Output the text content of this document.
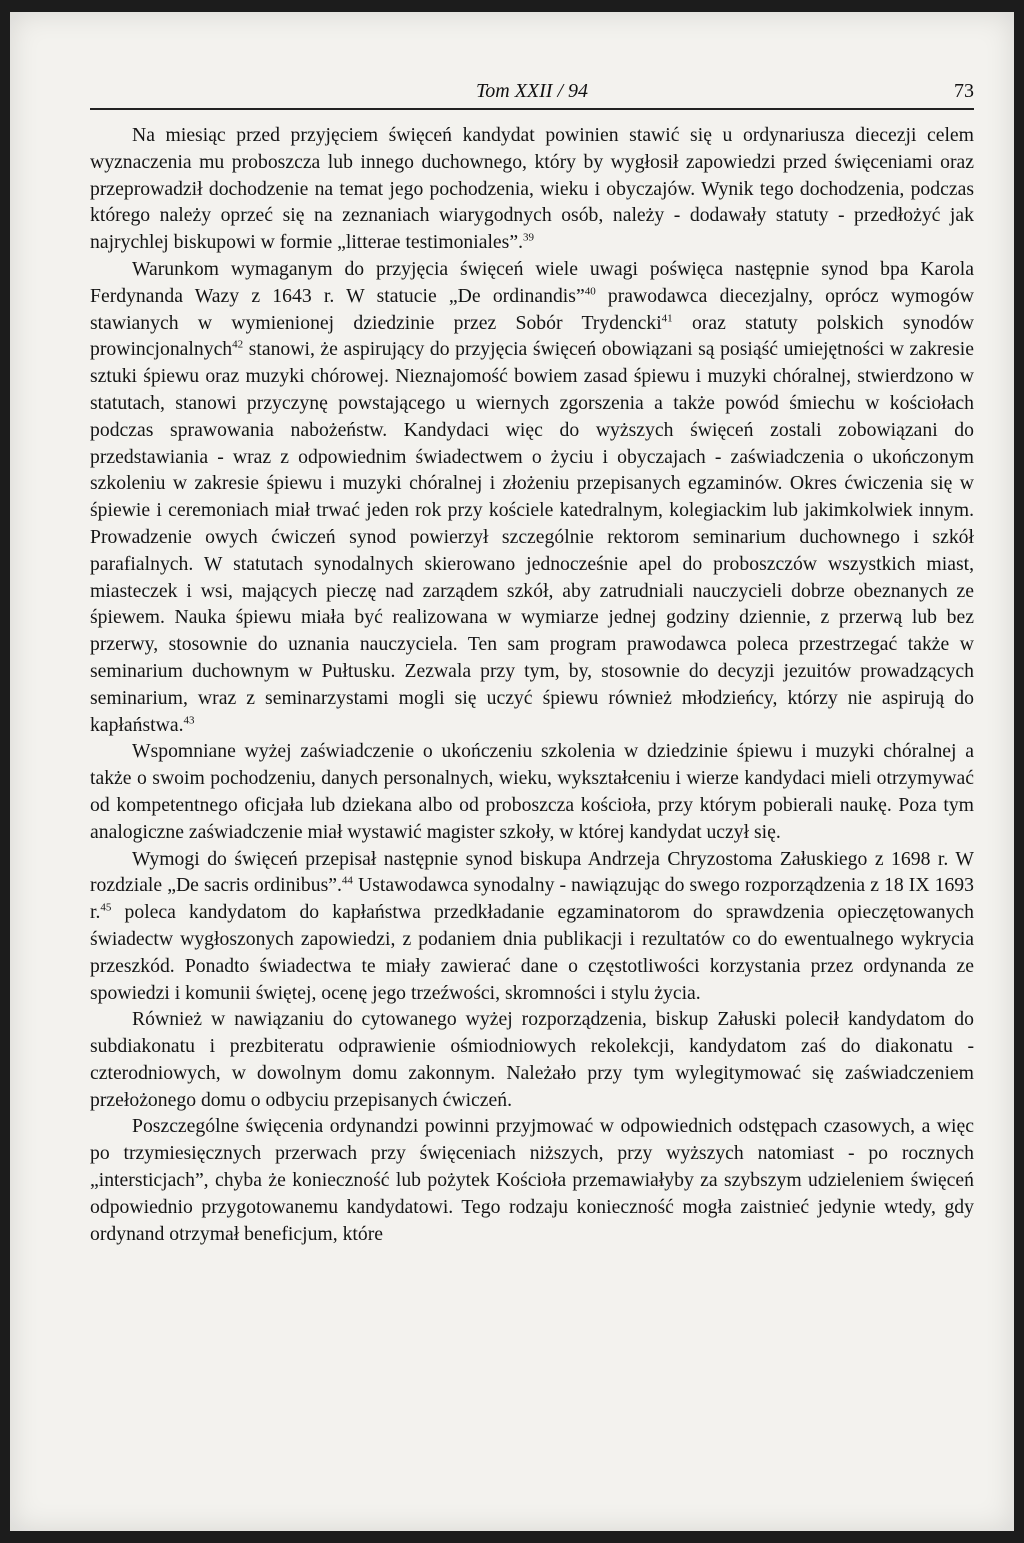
Tom XXII / 94	73

Na miesiąc przed przyjęciem święceń kandydat powinien stawić się u ordynariusza diecezji celem wyznaczenia mu proboszcza lub innego duchownego, który by wygłosił zapowiedzi przed święceniami oraz przeprowadził dochodzenie na temat jego pochodzenia, wieku i obyczajów. Wynik tego dochodzenia, podczas którego należy oprzeć się na zeznaniach wiarygodnych osób, należy - dodawały statuty - przedłożyć jak najrychlej biskupowi w formie „litterae testimoniales”.$^{39}$

Warunkom wymaganym do przyjęcia święceń wiele uwagi poświęca następnie synod bpa Karola Ferdynanda Wazy z 1643 r. W statucie „De ordinandis”$^{40}$ prawodawca diecezjalny, oprócz wymogów stawianych w wymienionej dziedzinie przez Sobór Trydencki$^{41}$ oraz statuty polskich synodów prowincjonalnych$^{42}$ stanowi, że aspirujący do przyjęcia święceń obowiązani są posiąść umiejętności w zakresie sztuki śpiewu oraz muzyki chórowej. Nieznajomość bowiem zasad śpiewu i muzyki chóralnej, stwierdzono w statutach, stanowi przyczynę powstającego u wiernych zgorszenia a także powód śmiechu w kościołach podczas sprawowania nabożeństw. Kandydaci więc do wyższych święceń zostali zobowiązani do przedstawiania - wraz z odpowiednim świadectwem o życiu i obyczajach - zaświadczenia o ukończonym szkoleniu w zakresie śpiewu i muzyki chóralnej i złożeniu przepisanych egzaminów. Okres ćwiczenia się w śpiewie i ceremoniach miał trwać jeden rok przy kościele katedralnym, kolegiackim lub jakimkolwiek innym. Prowadzenie owych ćwiczeń synod powierzył szczególnie rektorom seminarium duchownego i szkół parafialnych. W statutach synodalnych skierowano jednocześnie apel do proboszczów wszystkich miast, miasteczek i wsi, mających pieczę nad zarządem szkół, aby zatrudniali nauczycieli dobrze obeznanych ze śpiewem. Nauka śpiewu miała być realizowana w wymiarze jednej godziny dziennie, z przerwą lub bez przerwy, stosownie do uznania nauczyciela. Ten sam program prawodawca poleca przestrzegać także w seminarium duchownym w Pułtusku. Zezwala przy tym, by, stosownie do decyzji jezuitów prowadzących seminarium, wraz z seminarzystami mogli się uczyć śpiewu również młodzieńcy, którzy nie aspirują do kapłaństwa.$^{43}$

Wspomniane wyżej zaświadczenie o ukończeniu szkolenia w dziedzinie śpiewu i muzyki chóralnej a także o swoim pochodzeniu, danych personalnych, wieku, wykształceniu i wierze kandydaci mieli otrzymywać od kompetentnego oficjała lub dziekana albo od proboszcza kościoła, przy którym pobierali naukę. Poza tym analogiczne zaświadczenie miał wystawić magister szkoły, w której kandydat uczył się.

Wymogi do święceń przepisał następnie synod biskupa Andrzeja Chryzostoma Załuskiego z 1698 r. W rozdziale „De sacris ordinibus”.$^{44}$ Ustawodawca synodalny - nawiązując do swego rozporządzenia z 18 IX 1693 r.$^{45}$ poleca kandydatom do kapłaństwa przedkładanie egzaminatorom do sprawdzenia opieczętowanych świadectw wygłoszonych zapowiedzi, z podaniem dnia publikacji i rezultatów co do ewentualnego wykrycia przeszkód. Ponadto świadectwa te miały zawierać dane o częstotliwości korzystania przez ordynanda ze spowiedzi i komunii świętej, ocenę jego trzeźwości, skromności i stylu życia.

Również w nawiązaniu do cytowanego wyżej rozporządzenia, biskup Załuski polecił kandydatom do subdiakonatu i prezbiteratu odprawienie ośmiodniowych rekolekcji, kandydatom zaś do diakonatu - czterodniowych, w dowolnym domu zakonnym. Należało przy tym wylegitymować się zaświadczeniem przełożonego domu o odbyciu przepisanych ćwiczeń.

Poszczególne święcenia ordynandzi powinni przyjmować w odpowiednich odstępach czasowych, a więc po trzymiesięcznych przerwach przy święceniach niższych, przy wyższych natomiast - po rocznych „intersticjach”, chyba że konieczność lub pożytek Kościoła przemawiałyby za szybszym udzieleniem święceń odpowiednio przygotowanemu kandydatowi. Tego rodzaju konieczność mogła zaistnieć jedynie wtedy, gdy ordynand otrzymał beneficjum, które
